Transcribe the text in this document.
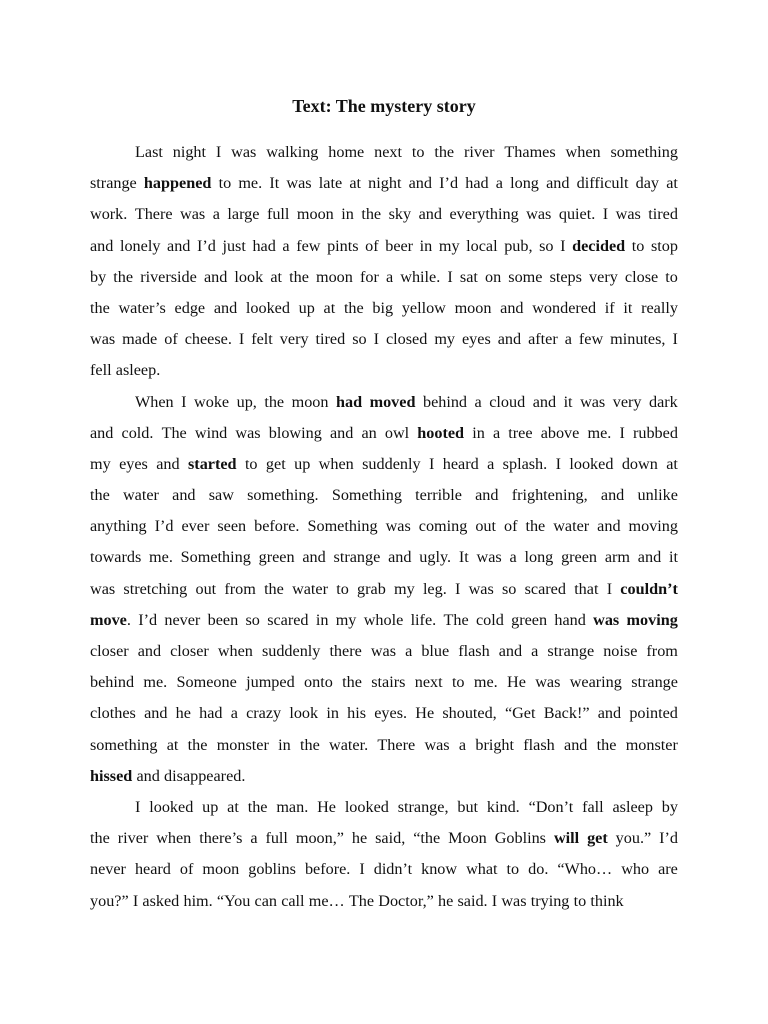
Text: The mystery story
Last night I was walking home next to the river Thames when something
strange happened to me. It was late at night and I’d had a long and difficult day at
work. There was a large full moon in the sky and everything was quiet. I was tired
and lonely and I’d just had a few pints of beer in my local pub, so I decided to stop
by the riverside and look at the moon for a while. I sat on some steps very close to
the water’s edge and looked up at the big yellow moon and wondered if it really
was made of cheese. I felt very tired so I closed my eyes and after a few minutes, I
fell asleep.
When I woke up, the moon had moved behind a cloud and it was very dark
and cold. The wind was blowing and an owl hooted in a tree above me. I rubbed
my eyes and started to get up when suddenly I heard a splash. I looked down at
the water and saw something. Something terrible and frightening, and unlike
anything I’d ever seen before. Something was coming out of the water and moving
towards me. Something green and strange and ugly. It was a long green arm and it
was stretching out from the water to grab my leg. I was so scared that I couldn’t
move. I’d never been so scared in my whole life. The cold green hand was moving
closer and closer when suddenly there was a blue flash and a strange noise from
behind me. Someone jumped onto the stairs next to me. He was wearing strange
clothes and he had a crazy look in his eyes. He shouted, “Get Back!” and pointed
something at the monster in the water. There was a bright flash and the monster
hissed and disappeared.
I looked up at the man. He looked strange, but kind. “Don’t fall asleep by
the river when there’s a full moon,” he said, “the Moon Goblins will get you.” I’d
never heard of moon goblins before. I didn’t know what to do. “Who… who are
you?” I asked him. “You can call me… The Doctor,” he said. I was trying to think
